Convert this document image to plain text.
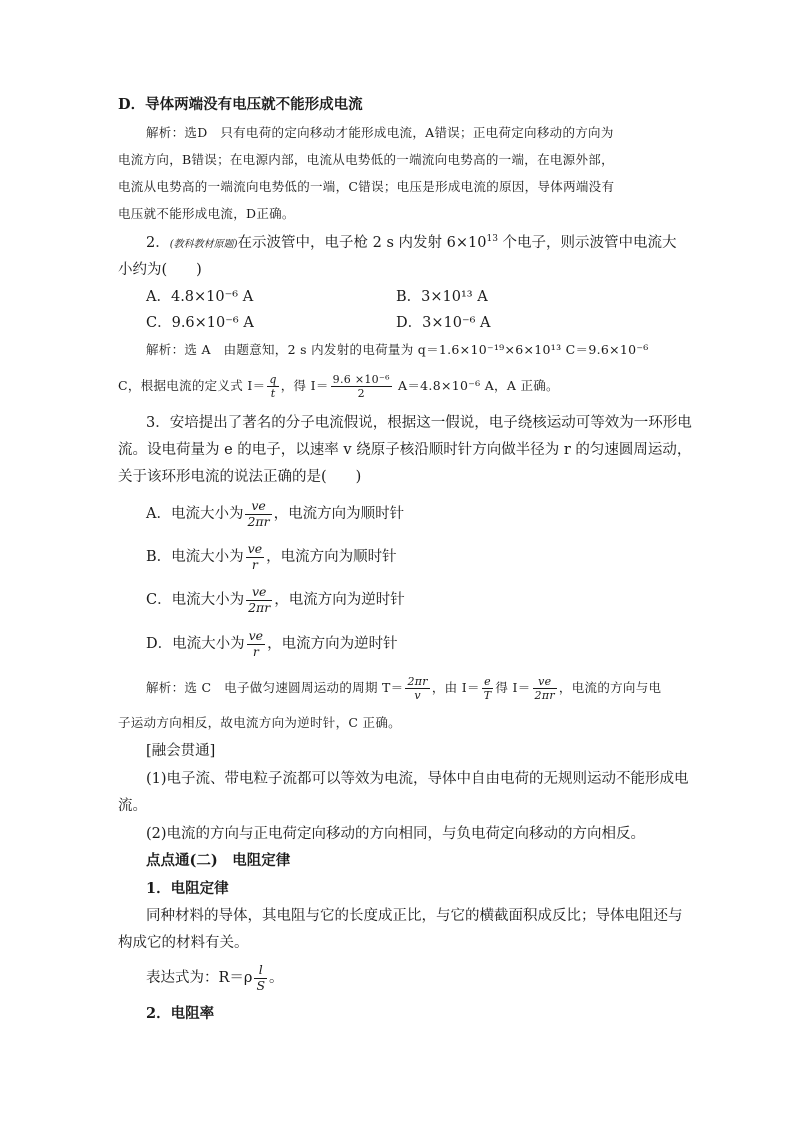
D．导体两端没有电压就不能形成电流
解析：选D　只有电荷的定向移动才能形成电流，A错误；正电荷定向移动的方向为
电流方向，B错误；在电源内部，电流从电势低的一端流向电势高的一端，在电源外部，
电流从电势高的一端流向电势低的一端，C错误；电压是形成电流的原因，导体两端没有
电压就不能形成电流，D正确。
2．(教科教材原题)在示波管中，电子枪 2 s 内发射 $6\times 10^{13}$ 个电子，则示波管中电流大
小约为(　　)
A．4.8×10⁻⁶ A	B．3×10¹³ A
C．9.6×10⁻⁶ A	D．3×10⁻⁶ A
解析：选 A　由题意知，2 s 内发射的电荷量为 q＝1.6×10⁻¹⁹×6×10¹³ C＝9.6×10⁻⁶
C，根据电流的定义式 $I= \frac{q}{t}$ ，得 $I= \frac{\text{9.6 ×10⁻⁶}}{2} A=4.8\times 10^{-6}$ A，A 正确。
3．安培提出了著名的分子电流假说，根据这一假说，电子绕核运动可等效为一环形电
流。设电荷量为 e 的电子，以速率 v 绕原子核沿顺时针方向做半径为 r 的匀速圆周运动，
关于该环形电流的说法正确的是(　　)
A．电流大小为 $\frac{ve}{2\pi r}$ ，电流方向为顺时针
B．电流大小为 $\frac{ve}{r}$ ，电流方向为顺时针
C．电流大小为 $\frac{ve}{2\pi r}$ ，电流方向为逆时针
D．电流大小为 $\frac{ve}{r}$ ，电流方向为逆时针
解析：选 C　电子做匀速圆周运动的周期 $T= \frac{2\pi r}{v}$ ，由 $I= \frac{e}{T}$ 得 $I= \frac{ve}{2\pi r}$ ，电流的方向与电
子运动方向相反，故电流方向为逆时针，C 正确。
[融会贯通]
(1)电子流、带电粒子流都可以等效为电流，导体中自由电荷的无规则运动不能形成电
流。
(2)电流的方向与正电荷定向移动的方向相同，与负电荷定向移动的方向相反。
点点通(二)　电阻定律
1．电阻定律
同种材料的导体，其电阻与它的长度成正比，与它的横截面积成反比；导体电阻还与
构成它的材料有关。
表达式为：$R=\rho \frac{l}{S}$ 。
2．电阻率
